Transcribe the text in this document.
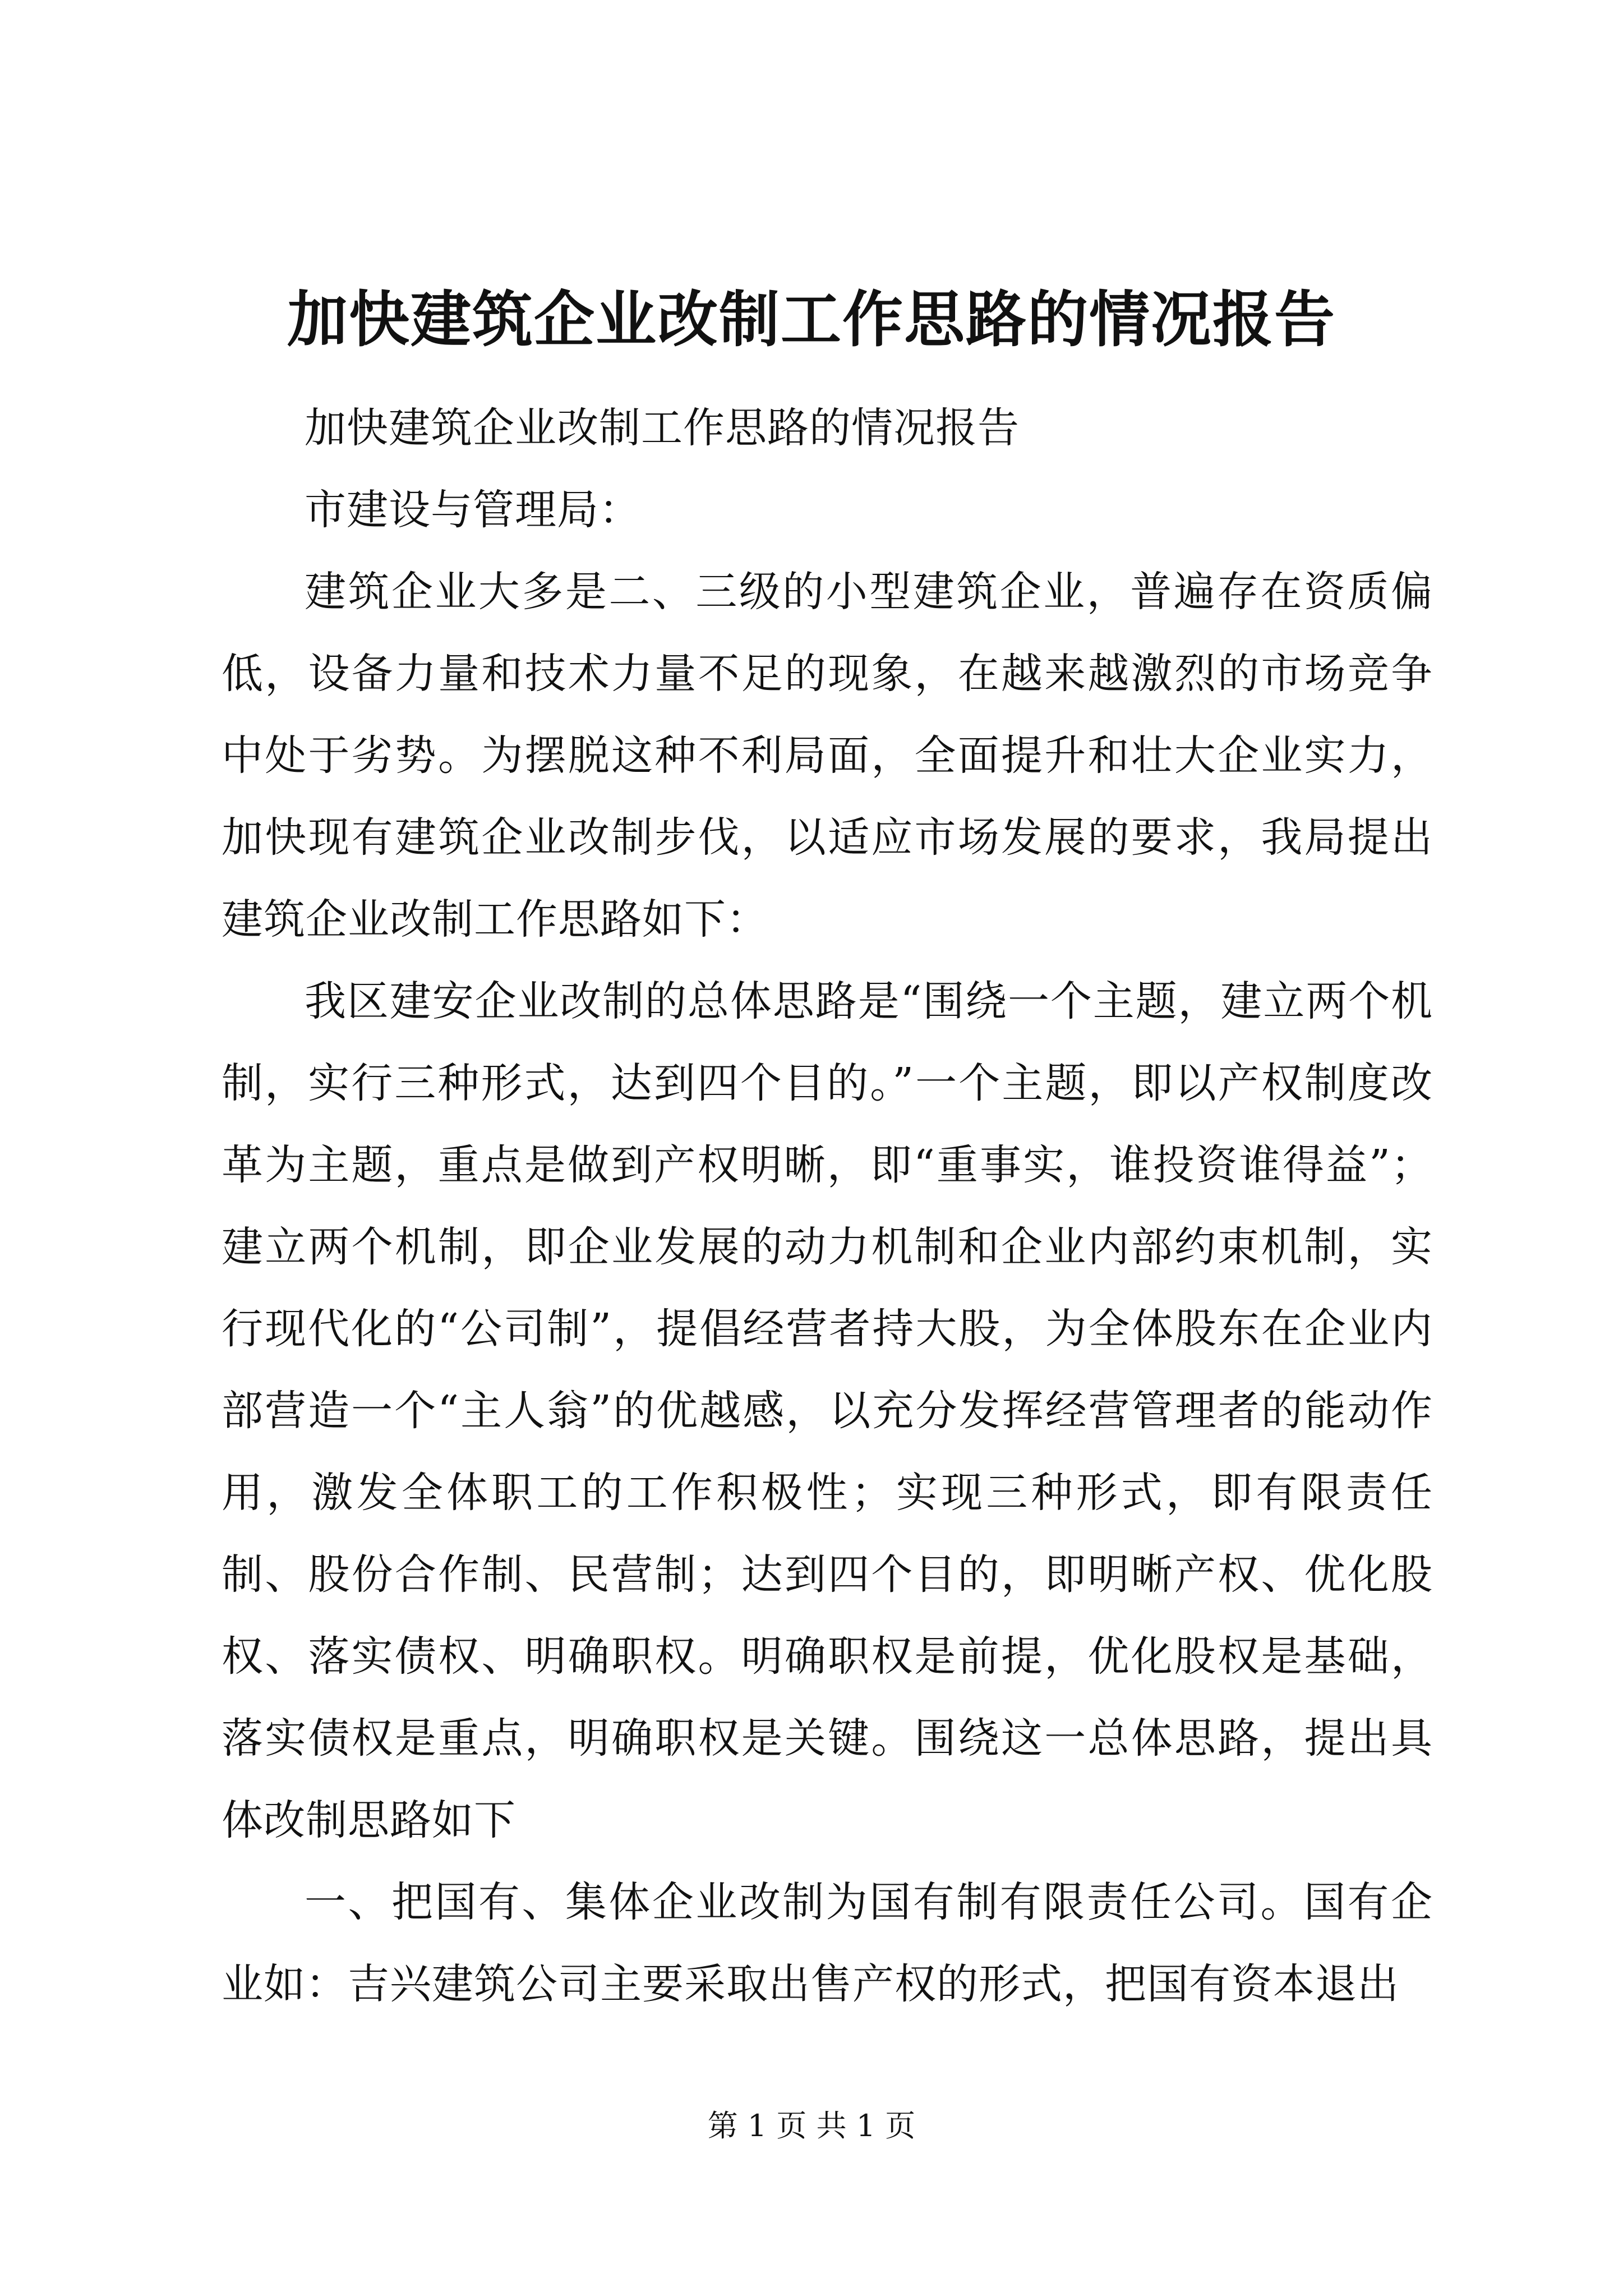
加快建筑企业改制工作思路的情况报告

加快建筑企业改制工作思路的情况报告

市建设与管理局：

建筑企业大多是二、三级的小型建筑企业，普遍存在资质偏低，设备力量和技术力量不足的现象，在越来越激烈的市场竞争中处于劣势。为摆脱这种不利局面，全面提升和壮大企业实力，加快现有建筑企业改制步伐，以适应市场发展的要求，我局提出建筑企业改制工作思路如下：

我区建安企业改制的总体思路是“围绕一个主题，建立两个机制，实行三种形式，达到四个目的。”一个主题，即以产权制度改革为主题，重点是做到产权明晰，即“重事实，谁投资谁得益”；建立两个机制，即企业发展的动力机制和企业内部约束机制，实行现代化的“公司制”，提倡经营者持大股，为全体股东在企业内部营造一个“主人翁”的优越感，以充分发挥经营管理者的能动作用，激发全体职工的工作积极性；实现三种形式，即有限责任制、股份合作制、民营制；达到四个目的，即明晰产权、优化股权、落实债权、明确职权。明确职权是前提，优化股权是基础，落实债权是重点，明确职权是关键。围绕这一总体思路，提出具体改制思路如下

一、把国有、集体企业改制为国有制有限责任公司。国有企业如：吉兴建筑公司主要采取出售产权的形式，把国有资本退出

第 1 页 共 1 页
